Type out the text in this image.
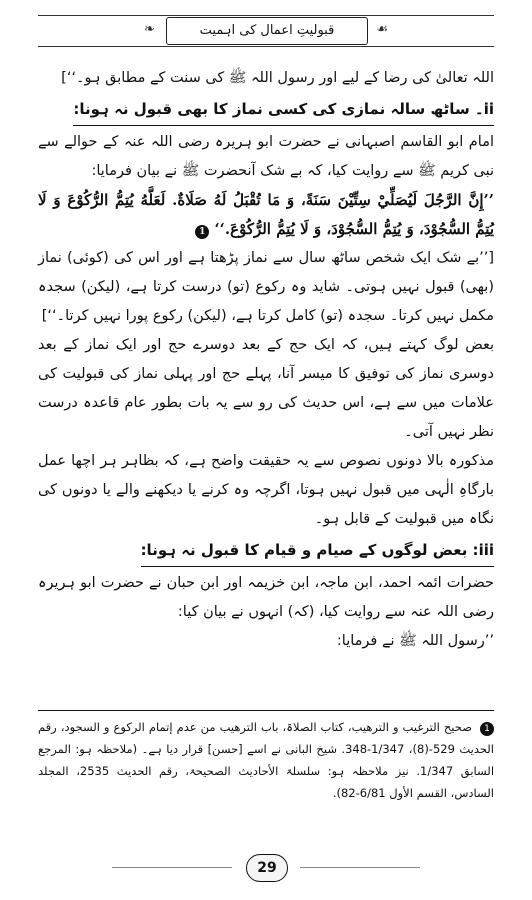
❧	قبولیتِ اعمال کی اہمیت	☙

اللہ تعالیٰ کی رضا کے لیے اور رسول اللہ ﷺ کی سنت کے مطابق ہو۔‘‘]

ii۔ ساٹھ سالہ نمازی کی کسی نماز کا بھی قبول نہ ہونا:

امام ابو القاسم اصبہانی نے حضرت ابو ہریرہ رضی اللہ عنہ کے حوالے سے نبی کریم ﷺ سے روایت کیا، کہ بے شک آنحضرت ﷺ نے بیان فرمایا:

’’إِنَّ الرَّجُلَ لَيُصَلِّيْ سِتِّيْنَ سَنَةً، وَ مَا تُقْبَلُ لَهُ صَلَاةٌ. لَعَلَّهُ يُتِمُّ الرُّكُوْعَ وَ لَا يُتِمُّ السُّجُوْدَ، وَ يُتِمُّ السُّجُوْدَ، وَ لَا يُتِمُّ الرُّكُوْعَ.‘‘ 1

[’’بے شک ایک شخص ساٹھ سال سے نماز پڑھتا ہے اور اس کی (کوئی) نماز (بھی) قبول نہیں ہوتی۔ شاید وہ رکوع (تو) درست کرتا ہے، (لیکن) سجدہ مکمل نہیں کرتا۔ سجدہ (تو) کامل کرتا ہے، (لیکن) رکوع پورا نہیں کرتا۔‘‘]

بعض لوگ کہتے ہیں، کہ ایک حج کے بعد دوسرے حج اور ایک نماز کے بعد دوسری نماز کی توفیق کا میسر آنا، پہلے حج اور پہلی نماز کی قبولیت کی علامات میں سے ہے، اس حدیث کی رو سے یہ بات بطور عام قاعدہ درست نظر نہیں آتی۔

مذکورہ بالا دونوں نصوص سے یہ حقیقت واضح ہے، کہ بظاہر ہر اچھا عمل بارگاہِ الٰہی میں قبول نہیں ہوتا، اگرچہ وہ کرنے یا دیکھنے والے یا دونوں کی نگاہ میں قبولیت کے قابل ہو۔

iii: بعض لوگوں کے صیام و قیام کا قبول نہ ہونا:

حضرات ائمہ احمد، ابن ماجہ، ابن خزیمہ اور ابن حبان نے حضرت ابو ہریرہ رضی اللہ عنہ سے روایت کیا، (کہ) انہوں نے بیان کیا:

’’رسول اللہ ﷺ نے فرمایا:

1 صحیح الترغیب و الترھیب، کتاب الصلاۃ، باب الترھیب من عدم إتمام الرکوع و السجود، رقم الحدیث 529-(8)، 1/347-348. شیخ البانی نے اسے [حسن] قرار دیا ہے۔ (ملاحظہ ہو: المرجع السابق 1/347. نیز ملاحظہ ہو: سلسلۃ الأحادیث الصحیحۃ، رقم الحدیث 2535، المجلد السادس، القسم الأول 6/81-82).
29
